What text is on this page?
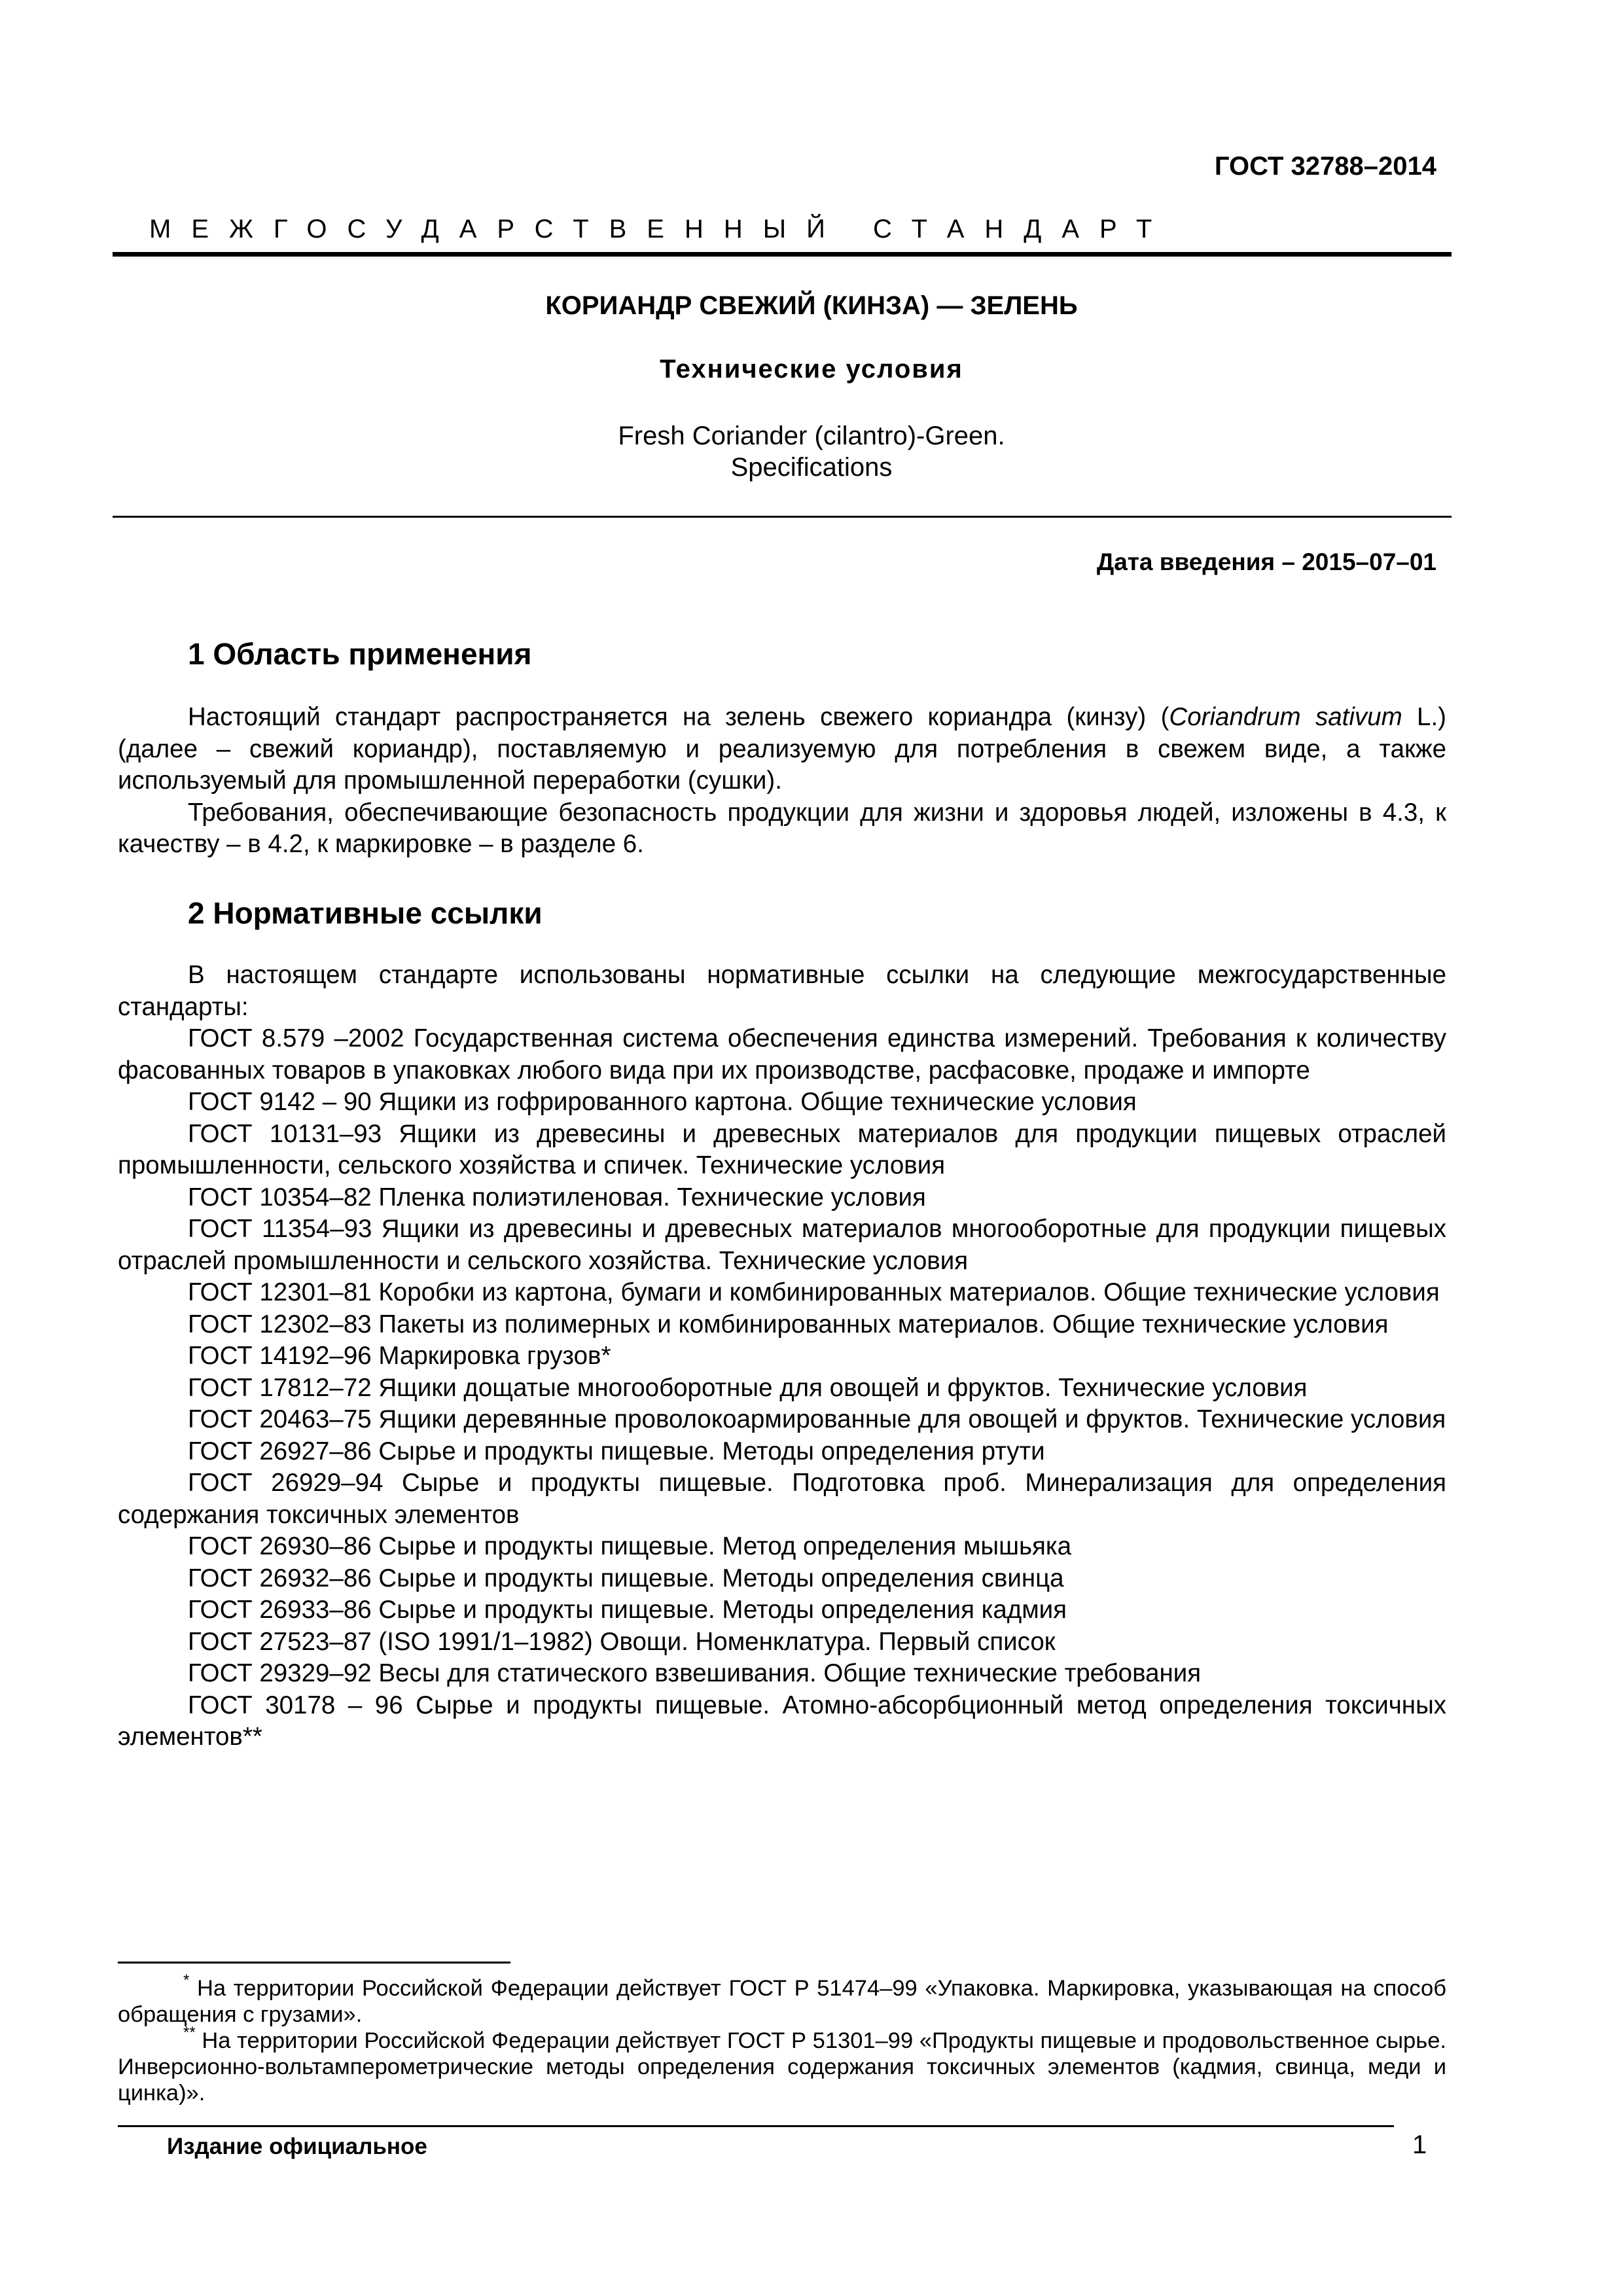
ГОСТ 32788–2014
МЕЖГОСУДАРСТВЕННЫЙ СТАНДАРТ
КОРИАНДР СВЕЖИЙ (КИНЗА) — ЗЕЛЕНЬ
Технические условия
Fresh Coriander (cilantro)-Green.
Specifications
Дата введения – 2015–07–01
1 Область применения

Настоящий стандарт распространяется на зелень свежего кориандра (кинзу) (Coriandrum sativum L.) (далее – свежий кориандр), поставляемую и реализуемую для потребления в свежем виде, а также используемый для промышленной переработки (сушки).

Требования, обеспечивающие безопасность продукции для жизни и здоровья людей, изложены в 4.3, к качеству – в 4.2, к маркировке – в разделе 6.

2 Нормативные ссылки

В настоящем стандарте использованы нормативные ссылки на следующие межгосударственные стандарты:

ГОСТ 8.579 –2002 Государственная система обеспечения единства измерений. Требования к количеству фасованных товаров в упаковках любого вида при их производстве, расфасовке, продаже и импорте

ГОСТ 9142 – 90 Ящики из гофрированного картона. Общие технические условия

ГОСТ 10131–93 Ящики из древесины и древесных материалов для продукции пищевых отраслей промышленности, сельского хозяйства и спичек. Технические условия

ГОСТ 10354–82 Пленка полиэтиленовая. Технические условия

ГОСТ 11354–93 Ящики из древесины и древесных материалов многооборотные для продукции пищевых отраслей промышленности и сельского хозяйства. Технические условия

ГОСТ 12301–81 Коробки из картона, бумаги и комбинированных материалов. Общие технические условия

ГОСТ 12302–83 Пакеты из полимерных и комбинированных материалов. Общие технические условия

ГОСТ 14192–96 Маркировка грузов*

ГОСТ 17812–72 Ящики дощатые многооборотные для овощей и фруктов. Технические условия

ГОСТ 20463–75 Ящики деревянные проволокоармированные для овощей и фруктов. Технические условия

ГОСТ 26927–86 Сырье и продукты пищевые. Методы определения ртути

ГОСТ 26929–94 Сырье и продукты пищевые. Подготовка проб. Минерализация для определения содержания токсичных элементов

ГОСТ 26930–86 Сырье и продукты пищевые. Метод определения мышьяка

ГОСТ 26932–86 Сырье и продукты пищевые. Методы определения свинца

ГОСТ 26933–86 Сырье и продукты пищевые. Методы определения кадмия

ГОСТ 27523–87 (ISO 1991/1–1982) Овощи. Номенклатура. Первый список

ГОСТ 29329–92 Весы для статического взвешивания. Общие технические требования

ГОСТ 30178 – 96 Сырье и продукты пищевые. Атомно-абсорбционный метод определения токсичных элементов**

* На территории Российской Федерации действует ГОСТ Р 51474–99 «Упаковка. Маркировка, указывающая на способ обращения с грузами».

** На территории Российской Федерации действует ГОСТ Р 51301–99 «Продукты пищевые и продовольственное сырье. Инверсионно-вольтамперометрические методы определения содержания токсичных элементов (кадмия, свинца, меди и цинка)».

Издание официальное	1
